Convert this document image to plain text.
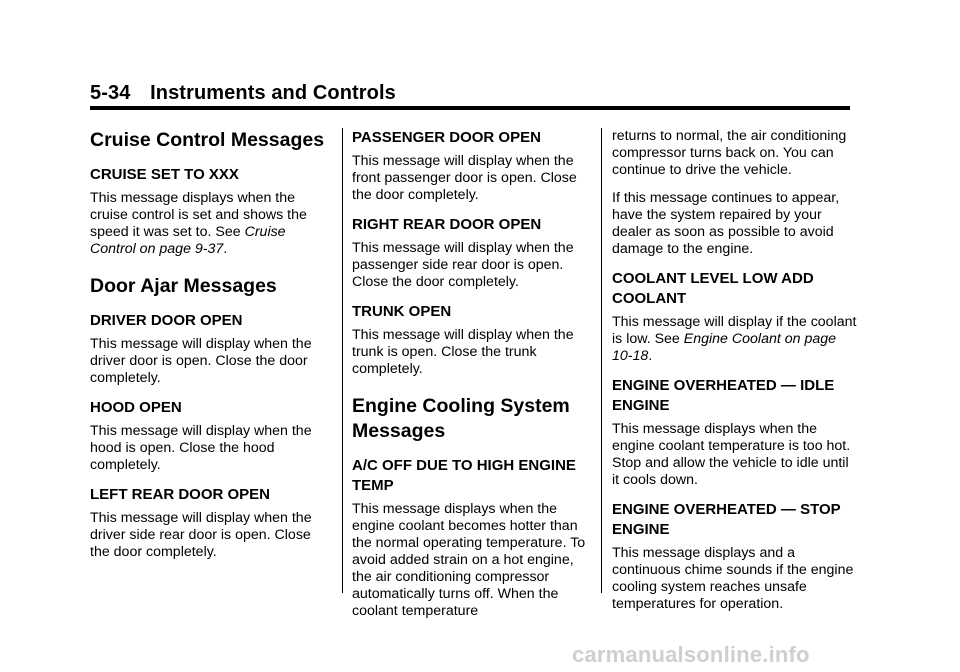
5-34 Instruments and Controls
Cruise Control Messages
CRUISE SET TO XXX

This message displays when the cruise control is set and shows the speed it was set to. See Cruise Control on page 9-37.

Door Ajar Messages
DRIVER DOOR OPEN

This message will display when the driver door is open. Close the door completely.

HOOD OPEN

This message will display when the hood is open. Close the hood completely.

LEFT REAR DOOR OPEN

This message will display when the driver side rear door is open. Close the door completely.

PASSENGER DOOR OPEN

This message will display when the front passenger door is open. Close the door completely.

RIGHT REAR DOOR OPEN

This message will display when the passenger side rear door is open. Close the door completely.

TRUNK OPEN

This message will display when the trunk is open. Close the trunk completely.

Engine Cooling System Messages
A/C OFF DUE TO HIGH ENGINE TEMP

This message displays when the engine coolant becomes hotter than the normal operating temperature. To avoid added strain on a hot engine, the air conditioning compressor automatically turns off. When the coolant temperature

returns to normal, the air conditioning compressor turns back on. You can continue to drive the vehicle.

If this message continues to appear, have the system repaired by your dealer as soon as possible to avoid damage to the engine.

COOLANT LEVEL LOW ADD COOLANT

This message will display if the coolant is low. See Engine Coolant on page 10-18.

ENGINE OVERHEATED — IDLE ENGINE

This message displays when the engine coolant temperature is too hot. Stop and allow the vehicle to idle until it cools down.

ENGINE OVERHEATED — STOP ENGINE

This message displays and a continuous chime sounds if the engine cooling system reaches unsafe temperatures for operation.

carmanualsonline.info
